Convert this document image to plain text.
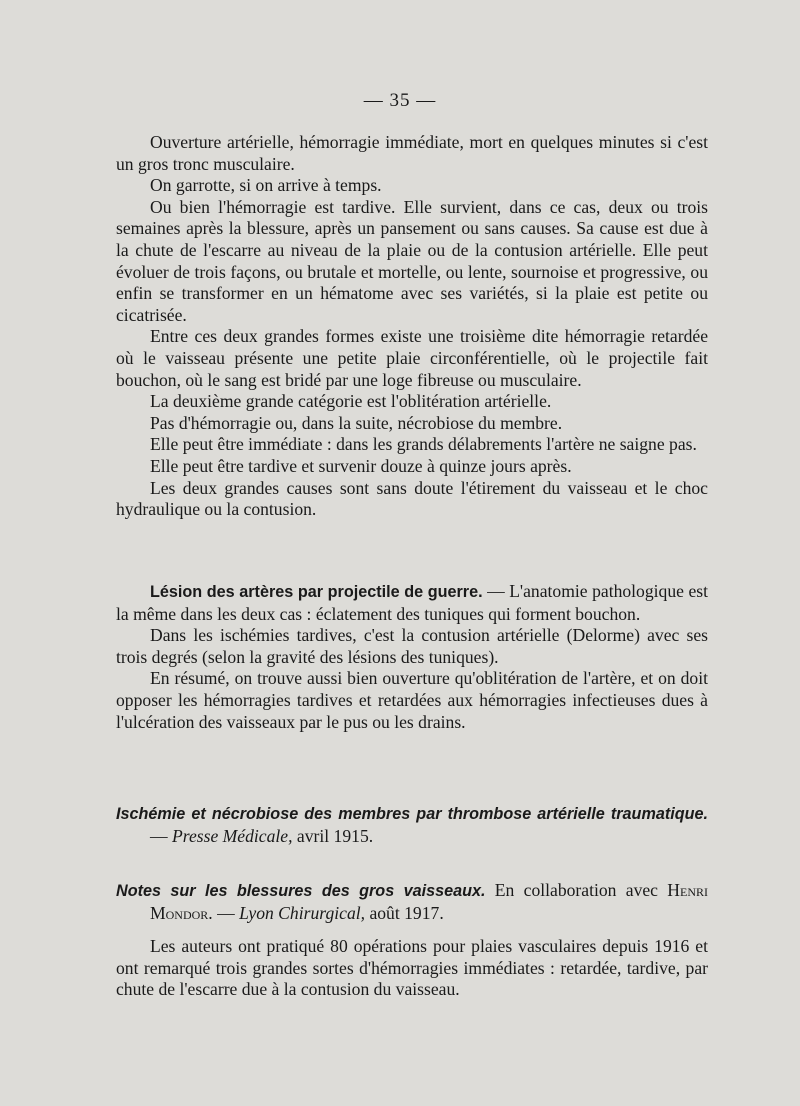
— 35 —

Ouverture artérielle, hémorragie immédiate, mort en quelques minutes si c'est un gros tronc musculaire.

On garrotte, si on arrive à temps.

Ou bien l'hémorragie est tardive. Elle survient, dans ce cas, deux ou trois semaines après la blessure, après un pansement ou sans causes. Sa cause est due à la chute de l'escarre au niveau de la plaie ou de la contusion artérielle. Elle peut évoluer de trois façons, ou brutale et mortelle, ou lente, sournoise et progressive, ou enfin se transformer en un hématome avec ses variétés, si la plaie est petite ou cicatrisée.

Entre ces deux grandes formes existe une troisième dite hémorragie retardée où le vaisseau présente une petite plaie circonférentielle, où le projectile fait bouchon, où le sang est bridé par une loge fibreuse ou musculaire.

La deuxième grande catégorie est l'oblitération artérielle.

Pas d'hémorragie ou, dans la suite, nécrobiose du membre.

Elle peut être immédiate : dans les grands délabrements l'artère ne saigne pas.

Elle peut être tardive et survenir douze à quinze jours après.

Les deux grandes causes sont sans doute l'étirement du vaisseau et le choc hydraulique ou la contusion.

Lésion des artères par projectile de guerre. — L'anatomie pathologique est la même dans les deux cas : éclatement des tuniques qui forment bouchon.

Dans les ischémies tardives, c'est la contusion artérielle (Delorme) avec ses trois degrés (selon la gravité des lésions des tuniques).

En résumé, on trouve aussi bien ouverture qu'oblitération de l'artère, et on doit opposer les hémorragies tardives et retardées aux hémorragies infectieuses dues à l'ulcération des vaisseaux par le pus ou les drains.

Ischémie et nécrobiose des membres par thrombose artérielle traumatique. — Presse Médicale, avril 1915.

Notes sur les blessures des gros vaisseaux. En collaboration avec Henri Mondor. — Lyon Chirurgical, août 1917.

Les auteurs ont pratiqué 80 opérations pour plaies vasculaires depuis 1916 et ont remarqué trois grandes sortes d'hémorragies immédiates : retardée, tardive, par chute de l'escarre due à la contusion du vaisseau.
